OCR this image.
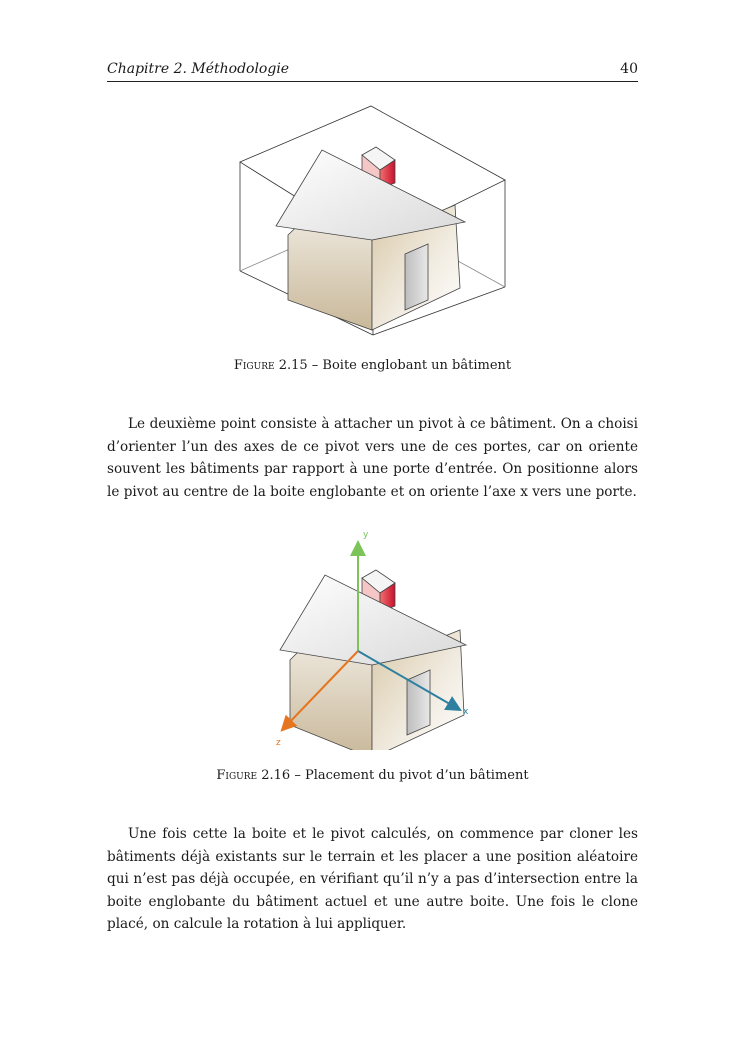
Chapitre 2. Méthodologie	40
Figure 2.15 – Boite englobant un bâtiment

Le deuxième point consiste à attacher un pivot à ce bâtiment. On a choisi d’orienter l’un des axes de ce pivot vers une de ces portes, car on oriente souvent les bâtiments par rapport à une porte d’entrée. On positionne alors le pivot au centre de la boite englobante et on oriente l’axe x vers une porte.

y
x
z
Figure 2.16 – Placement du pivot d’un bâtiment

Une fois cette la boite et le pivot calculés, on commence par cloner les bâtiments déjà existants sur le terrain et les placer a une position aléatoire qui n’est pas déjà occupée, en vérifiant qu’il n’y a pas d’intersection entre la boite englobante du bâtiment actuel et une autre boite. Une fois le clone placé, on calcule la rotation à lui appliquer.
